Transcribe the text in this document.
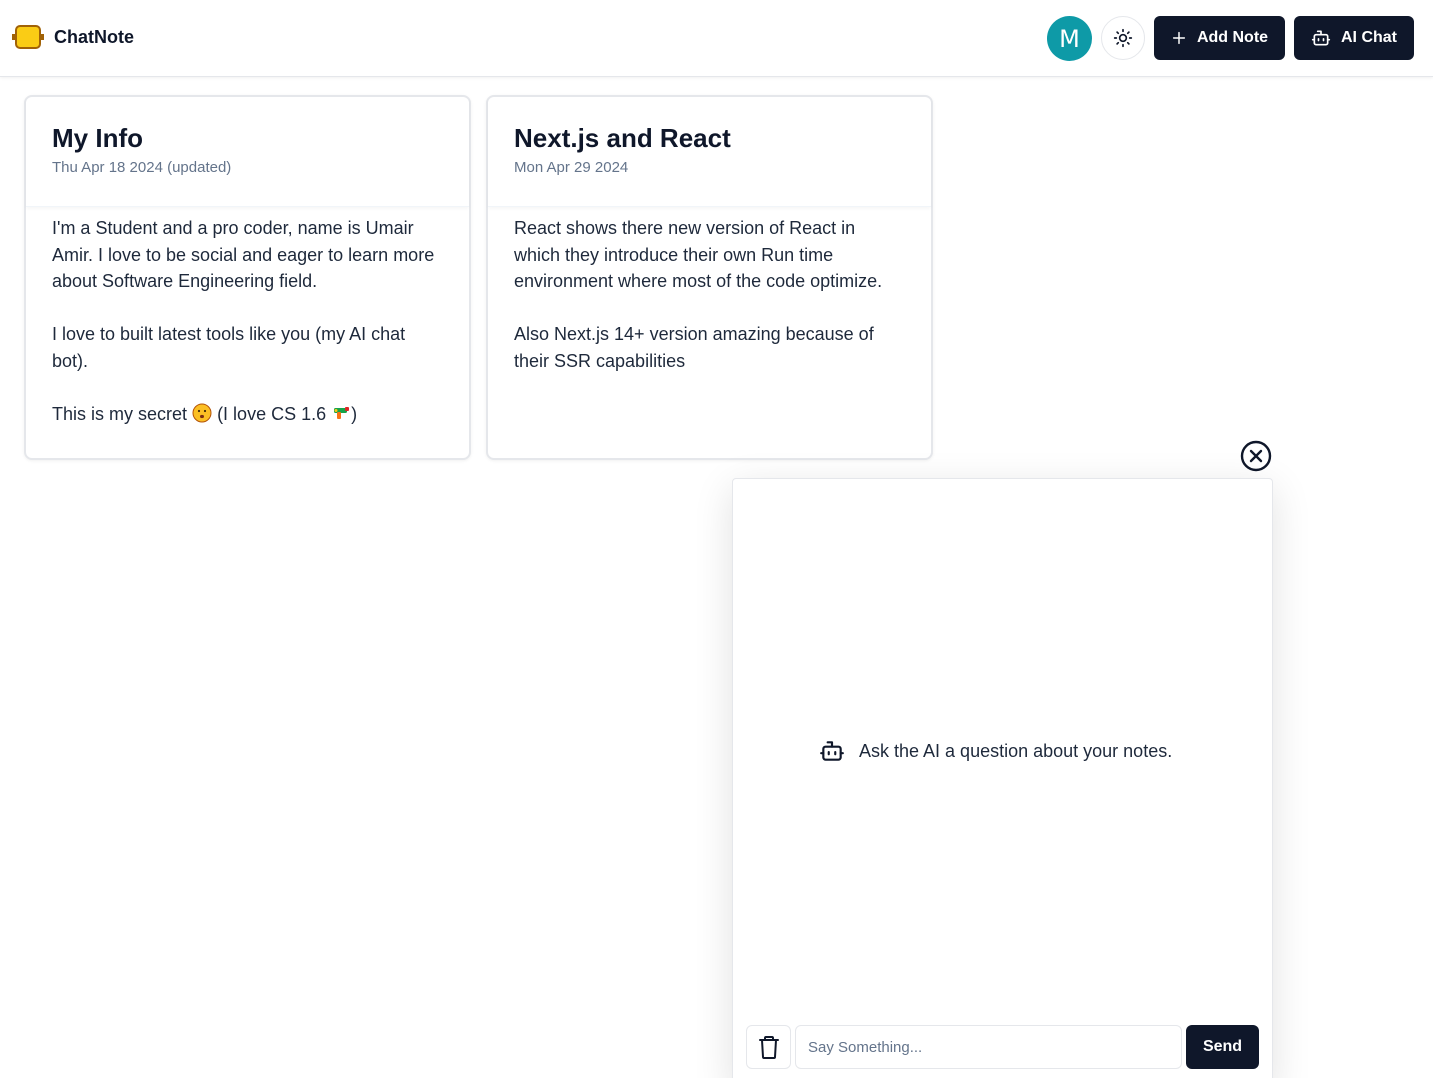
ChatNote	M	Add Note	AI Chat
My Info
Thu Apr 18 2024 (updated)

I'm a Student and a pro coder, name is Umair Amir. I love to be social and eager to learn more about Software Engineering field.

I love to built latest tools like you (my AI chat bot).

This is my secret (I love CS 1.6 )

Next.js and React
Mon Apr 29 2024

React shows there new version of React in which they introduce their own Run time environment where most of the code optimize.

Also Next.js 14+ version amazing because of their SSR capabilities

Ask the AI a question about your notes.
Say Something...
Send
